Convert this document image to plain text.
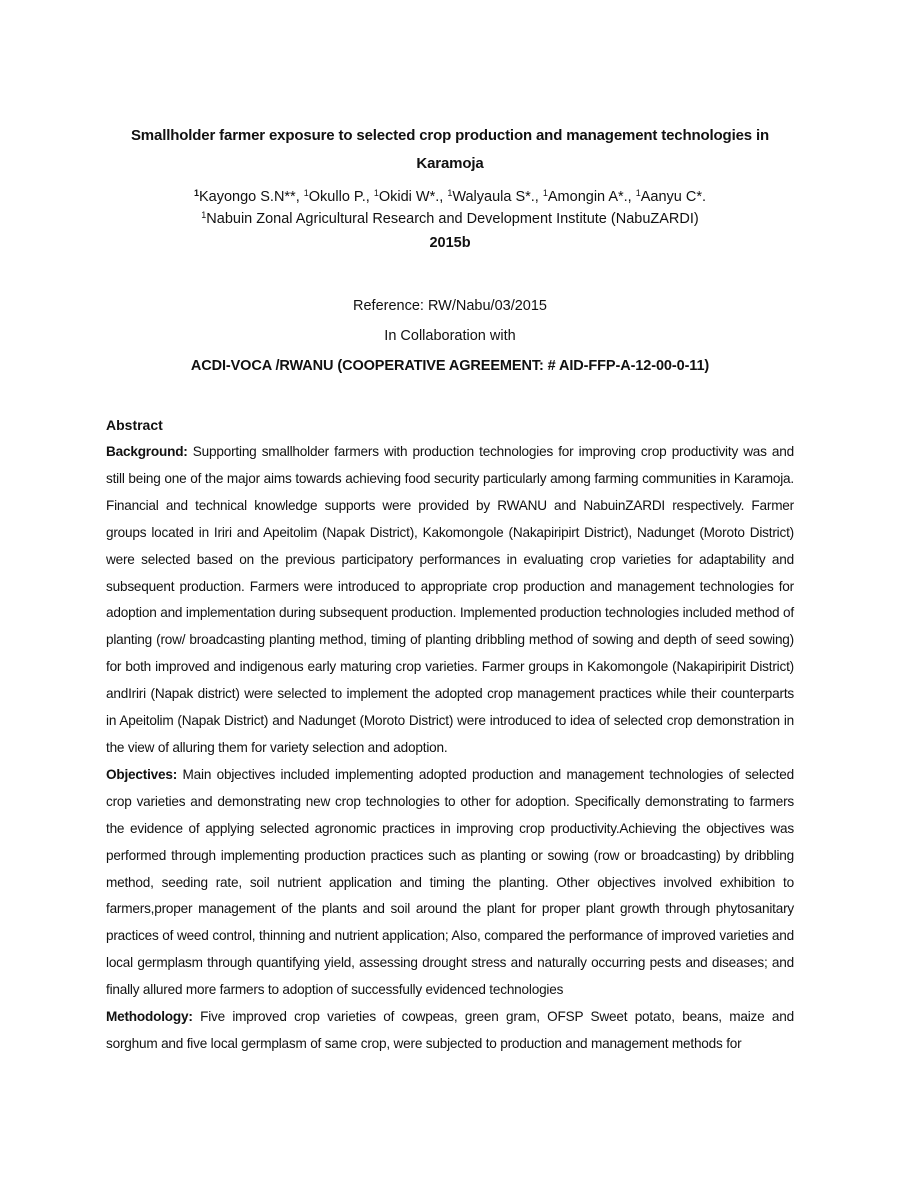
Smallholder farmer exposure to selected crop production and management technologies in Karamoja
$^1$Kayongo S.N**, $^1$Okullo P., $^1$Okidi W*., $^1$Walyaula S*., $^1$Amongin A*., $^1$Aanyu C*.
$^1$Nabuin Zonal Agricultural Research and Development Institute (NabuZARDI)
2015b
Reference: RW/Nabu/03/2015
In Collaboration with
ACDI-VOCA /RWANU (COOPERATIVE AGREEMENT: # AID-FFP-A-12-00-0-11)
Abstract

Background: Supporting smallholder farmers with production technologies for improving crop productivity was and still being one of the major aims towards achieving food security particularly among farming communities in Karamoja. Financial and technical knowledge supports were provided by RWANU and NabuinZARDI respectively. Farmer groups located in Iriri and Apeitolim (Napak District), Kakomongole (Nakapiripirt District), Nadunget (Moroto District) were selected based on the previous participatory performances in evaluating crop varieties for adaptability and subsequent production. Farmers were introduced to appropriate crop production and management technologies for adoption and implementation during subsequent production. Implemented production technologies included method of planting (row/ broadcasting planting method, timing of planting dribbling method of sowing and depth of seed sowing) for both improved and indigenous early maturing crop varieties. Farmer groups in Kakomongole (Nakapiripirit District) andIriri (Napak district) were selected to implement the adopted crop management practices while their counterparts in Apeitolim (Napak District) and Nadunget (Moroto District) were introduced to idea of selected crop demonstration in the view of alluring them for variety selection and adoption.

Objectives: Main objectives included implementing adopted production and management technologies of selected crop varieties and demonstrating new crop technologies to other for adoption. Specifically demonstrating to farmers the evidence of applying selected agronomic practices in improving crop productivity.Achieving the objectives was performed through implementing production practices such as planting or sowing (row or broadcasting) by dribbling method, seeding rate, soil nutrient application and timing the planting. Other objectives involved exhibition to farmers,proper management of the plants and soil around the plant for proper plant growth through phytosanitary practices of weed control, thinning and nutrient application; Also, compared the performance of improved varieties and local germplasm through quantifying yield, assessing drought stress and naturally occurring pests and diseases; and finally allured more farmers to adoption of successfully evidenced technologies

Methodology: Five improved crop varieties of cowpeas, green gram, OFSP Sweet potato, beans, maize and sorghum and five local germplasm of same crop, were subjected to production and management methods for
